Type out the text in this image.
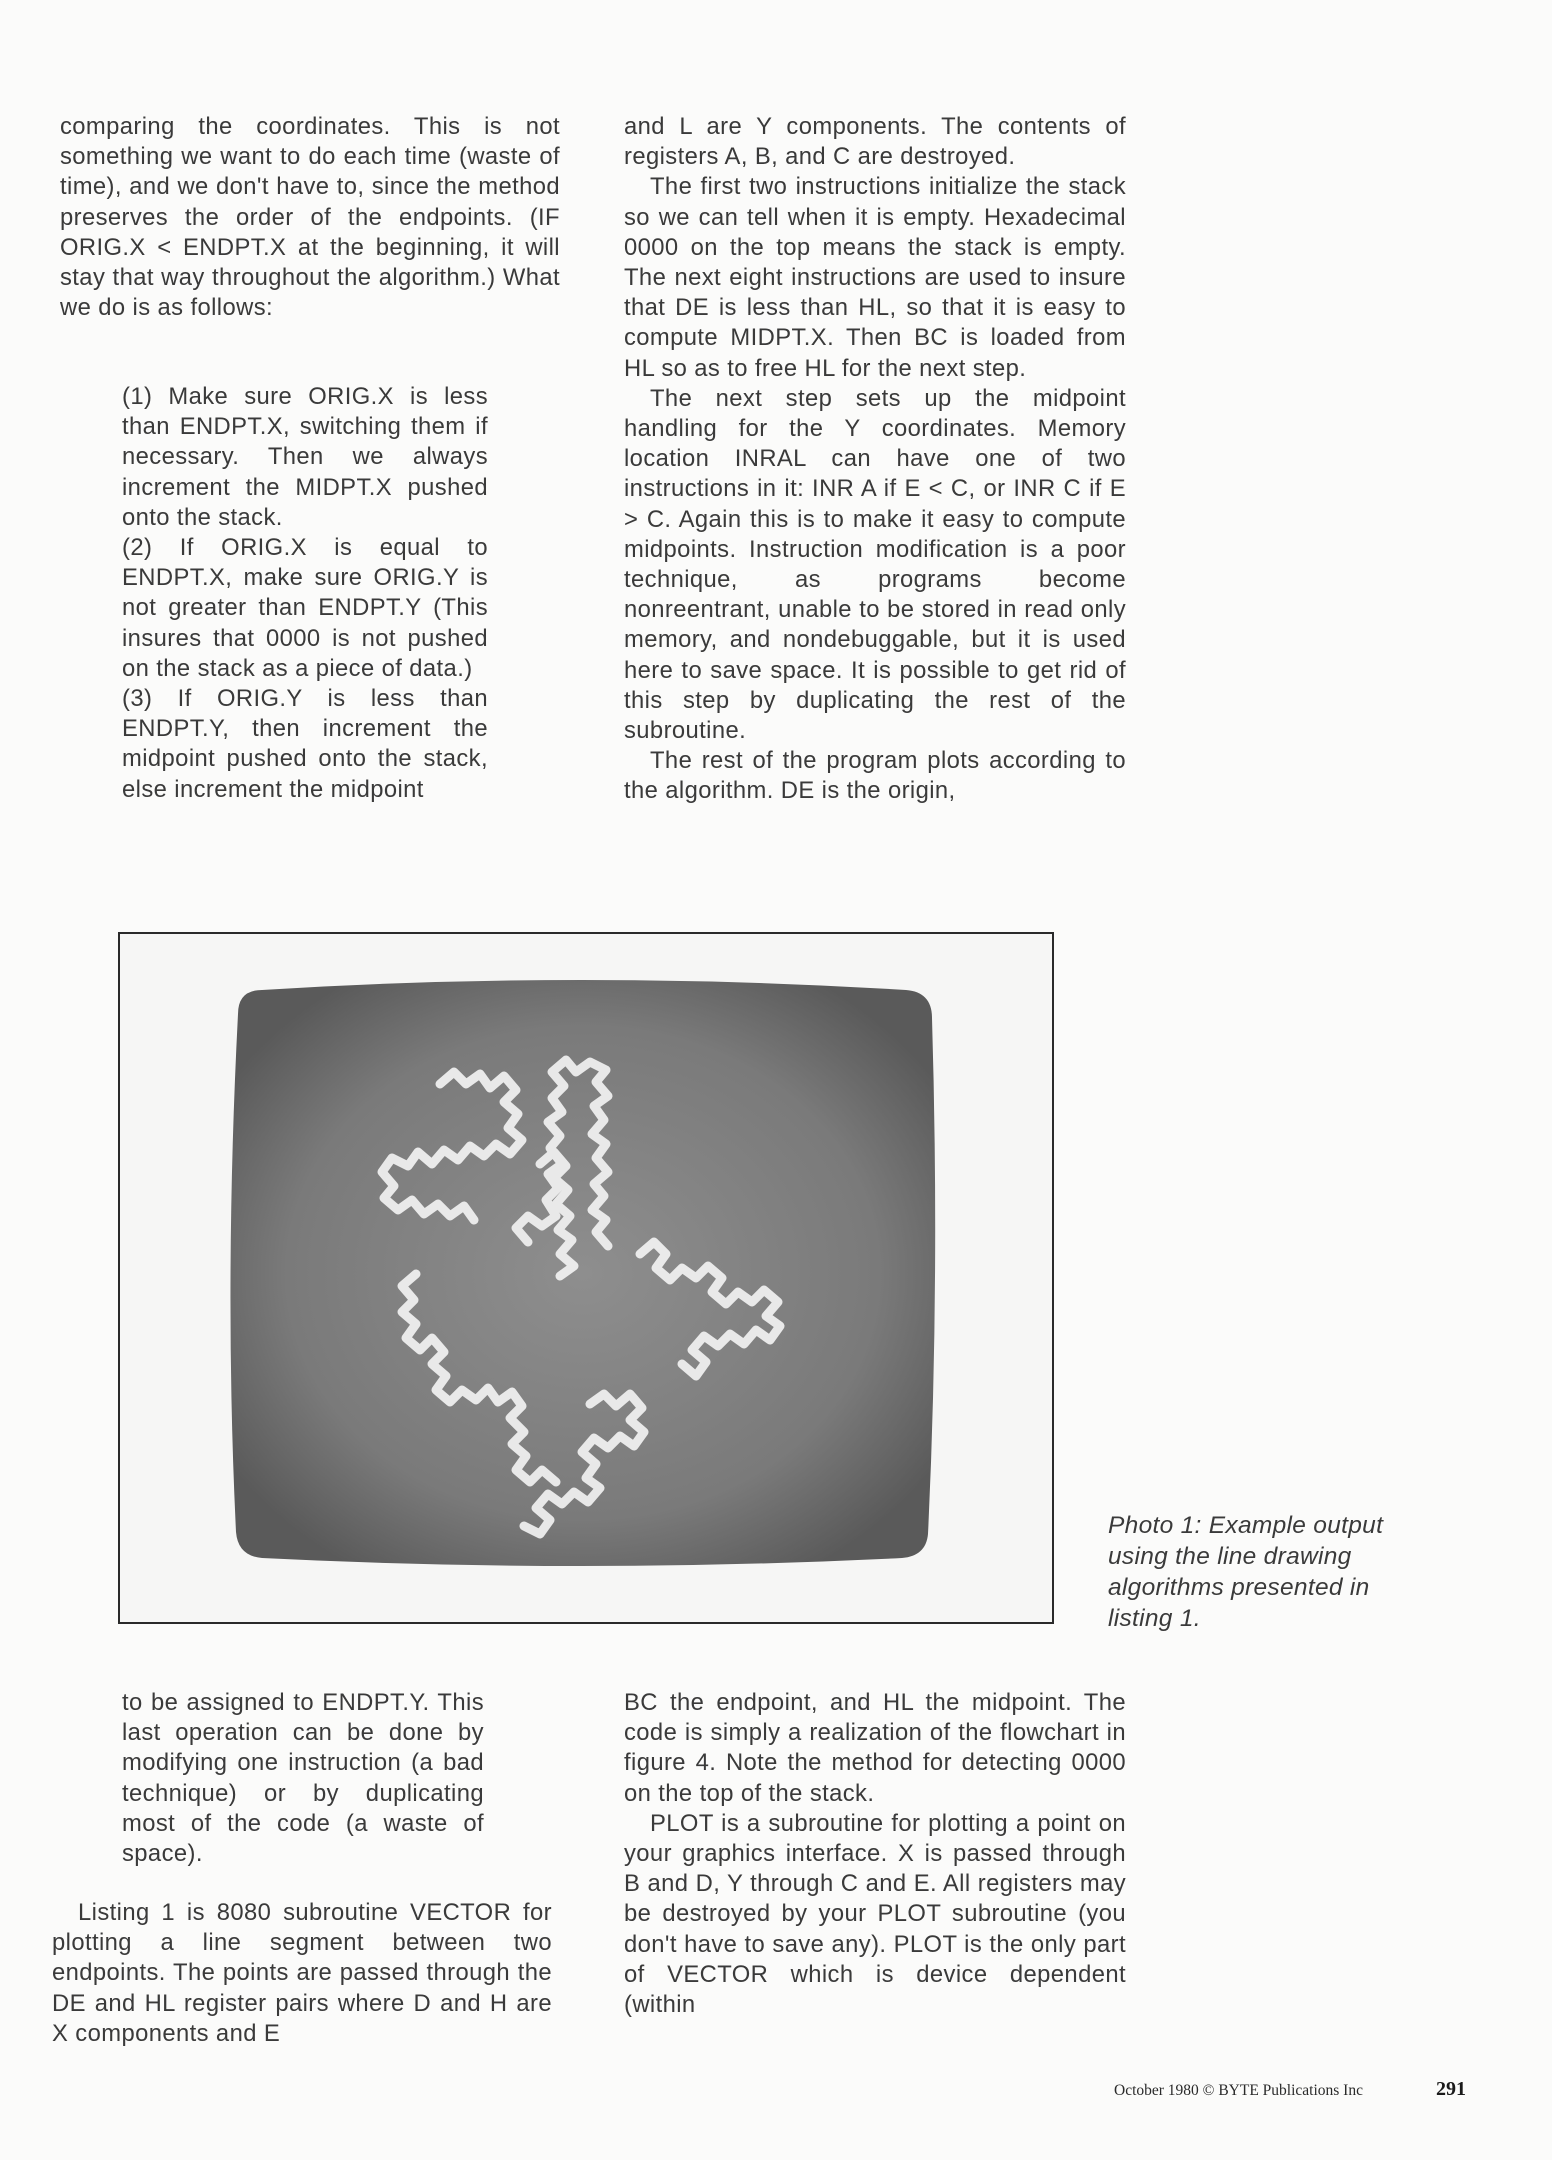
comparing the coordinates. This is not something we want to do each time (waste of time), and we don't have to, since the method preserves the order of the endpoints. (IF ORIG.X < ENDPT.X at the beginning, it will stay that way throughout the algorithm.) What we do is as follows:

(1) Make sure ORIG.X is less than ENDPT.X, switching them if necessary. Then we always increment the MIDPT.X pushed onto the stack.

(2) If ORIG.X is equal to ENDPT.X, make sure ORIG.Y is not greater than ENDPT.Y (This insures that 0000 is not pushed on the stack as a piece of data.)

(3) If ORIG.Y is less than ENDPT.Y, then increment the midpoint pushed onto the stack, else increment the midpoint

and L are Y components. The contents of registers A, B, and C are destroyed.

The first two instructions initialize the stack so we can tell when it is empty. Hexadecimal 0000 on the top means the stack is empty. The next eight instructions are used to insure that DE is less than HL, so that it is easy to compute MIDPT.X. Then BC is loaded from HL so as to free HL for the next step.

The next step sets up the midpoint handling for the Y coordinates. Memory location INRAL can have one of two instructions in it: INR A if E < C, or INR C if E > C. Again this is to make it easy to compute midpoints. Instruction modification is a poor technique, as programs become nonreentrant, unable to be stored in read only memory, and nondebuggable, but it is used here to save space. It is possible to get rid of this step by duplicating the rest of the subroutine.

The rest of the program plots according to the algorithm. DE is the origin,

Photo 1: Example output using the line drawing algorithms presented in listing 1.

to be assigned to ENDPT.Y. This last operation can be done by modifying one instruction (a bad technique) or by duplicating most of the code (a waste of space).

Listing 1 is 8080 subroutine VECTOR for plotting a line segment between two endpoints. The points are passed through the DE and HL register pairs where D and H are X components and E

BC the endpoint, and HL the midpoint. The code is simply a realization of the flowchart in figure 4. Note the method for detecting 0000 on the top of the stack.

PLOT is a subroutine for plotting a point on your graphics interface. X is passed through B and D, Y through C and E. All registers may be destroyed by your PLOT subroutine (you don't have to save any). PLOT is the only part of VECTOR which is device dependent (within

October 1980 © BYTE Publications Inc	291
